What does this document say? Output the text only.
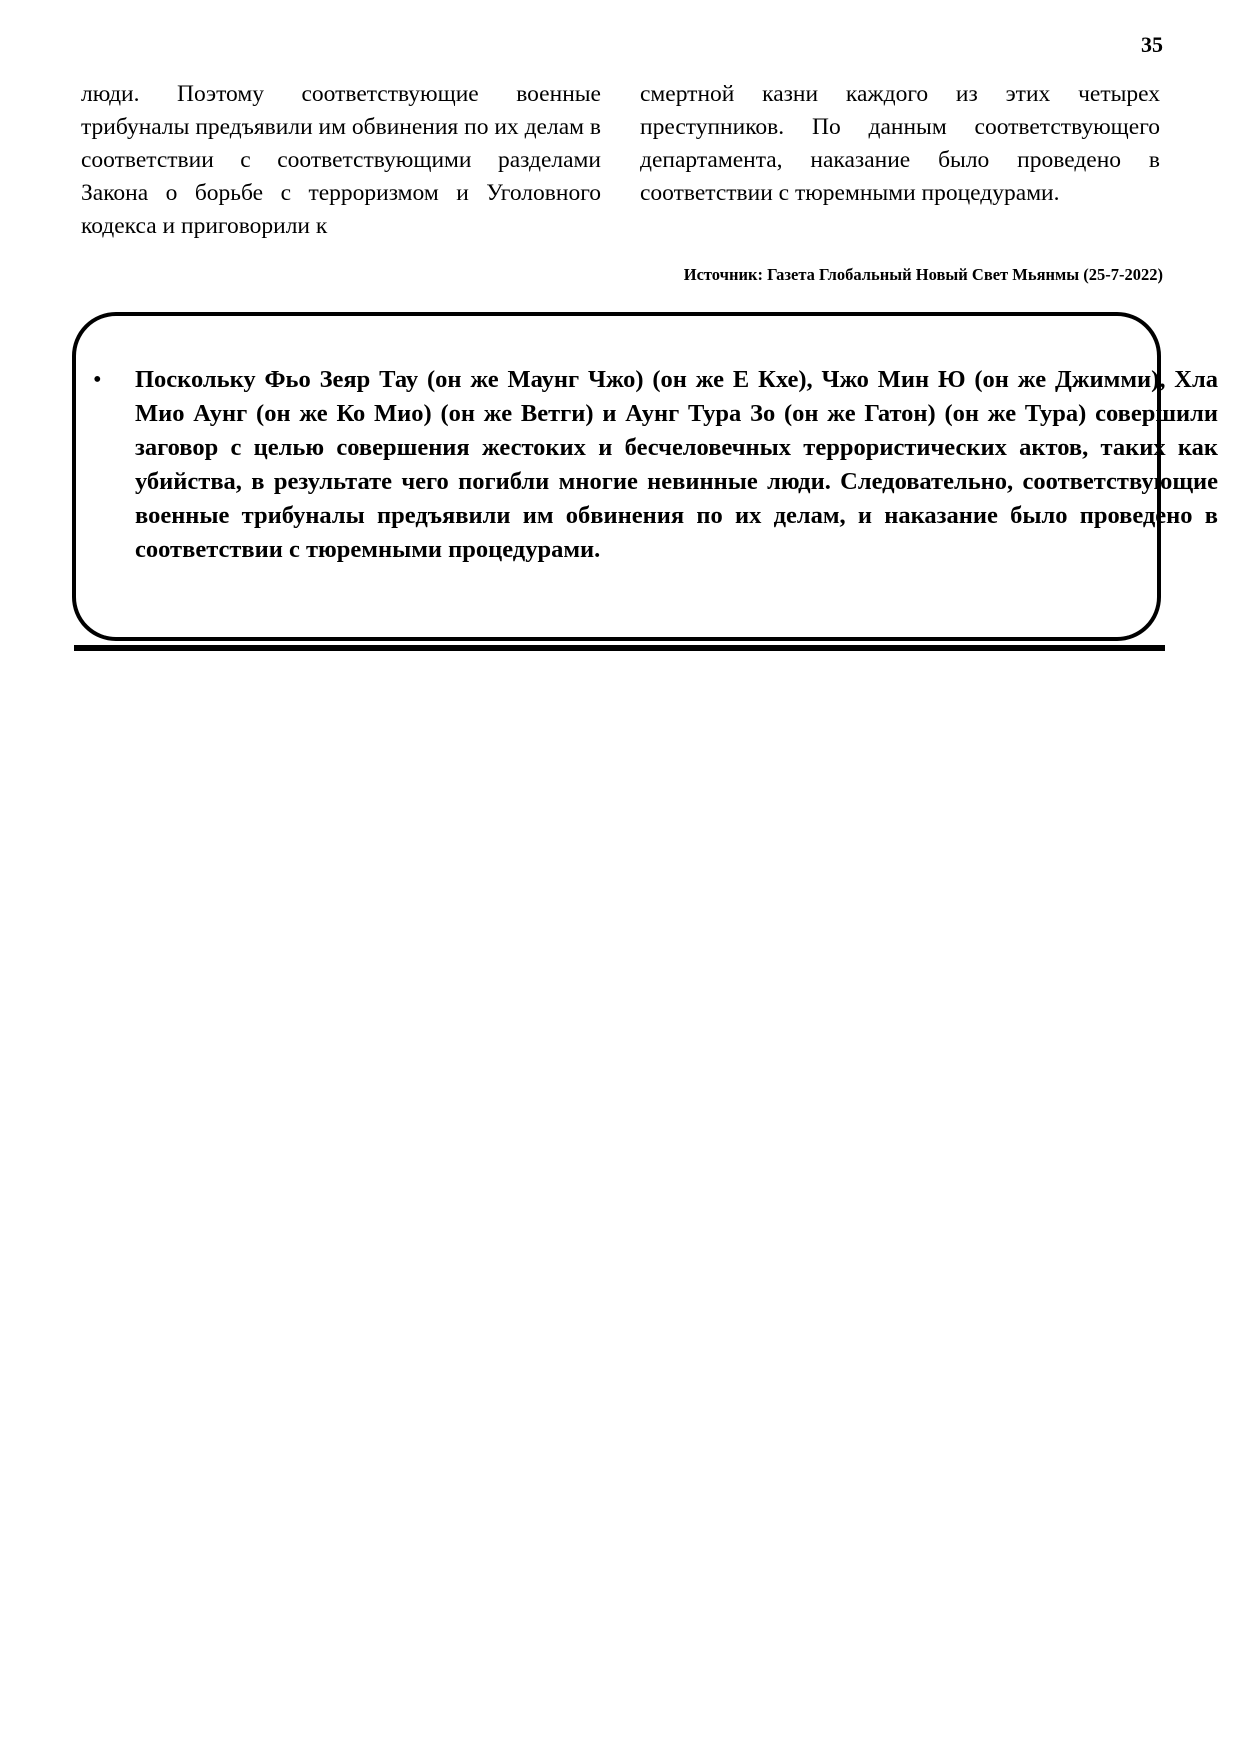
35

люди. Поэтому соответствующие военные трибуналы предъявили им обвинения по их делам в соответствии с соответствующими разделами Закона о борьбе с терроризмом и Уголовного кодекса и приговорили к

смертной казни каждого из этих четырех преступников. По данным соответствующего департамента, наказание было проведено в соответствии с тюремными процедурами.

Источник: Газета Глобальный Новый Свет Мьянмы (25-7-2022)
• Поскольку Фьо Зеяр Тау (он же Маунг Чжо) (он же Е Кхе), Чжо Мин Ю (он же Джимми), Хла Мио Аунг (он же Ко Мио) (он же Ветги) и Аунг Тура Зо (он же Гатон) (он же Тура) совершили заговор с целью совершения жестоких и бесчеловечных террористических актов, таких как убийства, в результате чего погибли многие невинные люди. Следовательно, соответствующие военные трибуналы предъявили им обвинения по их делам, и наказание было проведено в соответствии с тюремными процедурами.
